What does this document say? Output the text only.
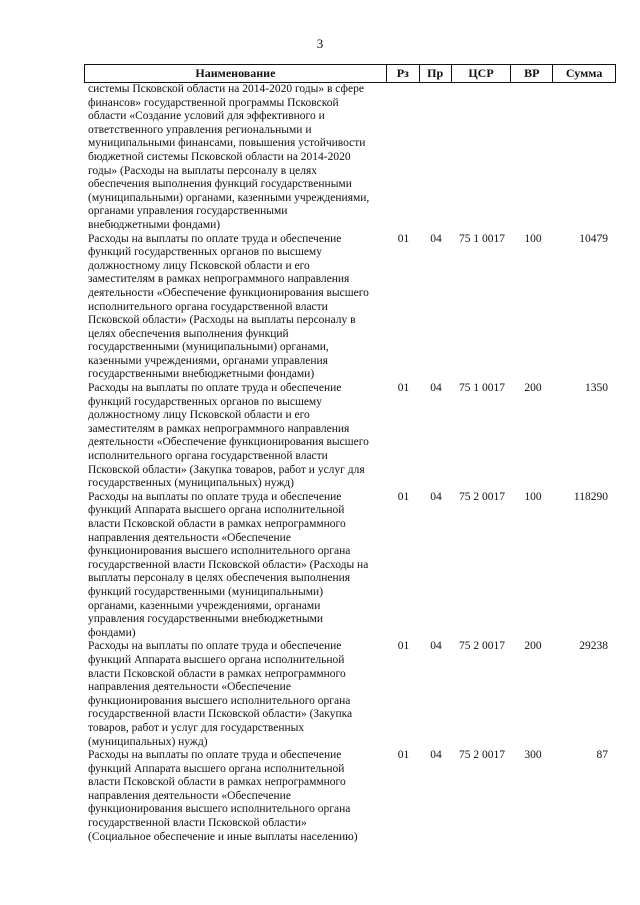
3
Наименование	Рз	Пр	ЦСР	ВР	Сумма
системы Псковской области на 2014-2020 годы» в сфере
финансов» государственной программы Псковской
области «Создание условий для эффективного и
ответственного управления региональными и
муниципальными финансами, повышения устойчивости
бюджетной системы Псковской области на 2014-2020
годы» (Расходы на выплаты персоналу в целях
обеспечения выполнения функций государственными
(муниципальными) органами, казенными учреждениями,
органами управления государственными
внебюджетными фондами)
Расходы на выплаты по оплате труда и обеспечение
функций государственных органов по высшему
должностному лицу Псковской области и его
заместителям в рамках непрограммного направления
деятельности «Обеспечение функционирования высшего
исполнительного органа государственной власти
Псковской области» (Расходы на выплаты персоналу в
целях обеспечения выполнения функций
государственными (муниципальными) органами,
казенными учреждениями, органами управления
государственными внебюджетными фондами)
01	04	75 1 0017	100	10479
Расходы на выплаты по оплате труда и обеспечение
функций государственных органов по высшему
должностному лицу Псковской области и его
заместителям в рамках непрограммного направления
деятельности «Обеспечение функционирования высшего
исполнительного органа государственной власти
Псковской области» (Закупка товаров, работ и услуг для
государственных (муниципальных) нужд)
01	04	75 1 0017	200	1350
Расходы на выплаты по оплате труда и обеспечение
функций Аппарата высшего органа исполнительной
власти Псковской области в рамках непрограммного
направления деятельности «Обеспечение
функционирования высшего исполнительного органа
государственной власти Псковской области» (Расходы на
выплаты персоналу в целях обеспечения выполнения
функций государственными (муниципальными)
органами, казенными учреждениями, органами
управления государственными внебюджетными
фондами)
01	04	75 2 0017	100	118290
Расходы на выплаты по оплате труда и обеспечение
функций Аппарата высшего органа исполнительной
власти Псковской области в рамках непрограммного
направления деятельности «Обеспечение
функционирования высшего исполнительного органа
государственной власти Псковской области» (Закупка
товаров, работ и услуг для государственных
(муниципальных) нужд)
01	04	75 2 0017	200	29238
Расходы на выплаты по оплате труда и обеспечение
функций Аппарата высшего органа исполнительной
власти Псковской области в рамках непрограммного
направления деятельности «Обеспечение
функционирования высшего исполнительного органа
государственной власти Псковской области»
(Социальное обеспечение и иные выплаты населению)
01	04	75 2 0017	300	87
